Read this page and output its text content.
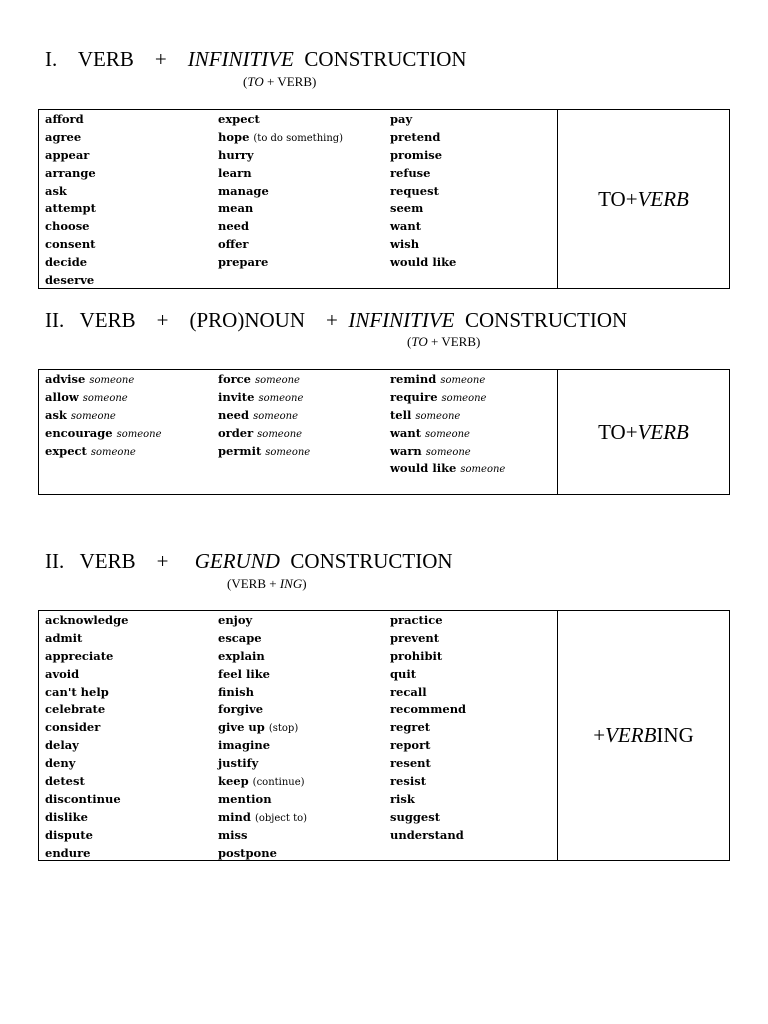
I. VERB + INFINITIVE CONSTRUCTION
(TO + VERB)
afford
agree
appear
arrange
ask
attempt
choose
consent
decide
deserve
expect
hope (to do something)
hurry
learn
manage
mean
need
offer
prepare
pay
pretend
promise
refuse
request
seem
want
wish
would like
TO + VERB
II. VERB + (PRO)NOUN + INFINITIVE CONSTRUCTION
(TO + VERB)
advise someone
allow someone
ask someone
encourage someone
expect someone
force someone
invite someone
need someone
order someone
permit someone
remind someone
require someone
tell someone
want someone
warn someone
would like someone
TO + VERB
II. VERB + GERUND CONSTRUCTION
(VERB + ING)
acknowledge
admit
appreciate
avoid
can't help
celebrate
consider
delay
deny
detest
discontinue
dislike
dispute
endure
enjoy
escape
explain
feel like
finish
forgive
give up (stop)
imagine
justify
keep (continue)
mention
mind (object to)
miss
postpone
practice
prevent
prohibit
quit
recall
recommend
regret
report
resent
resist
risk
suggest
understand
+ VERB ING
